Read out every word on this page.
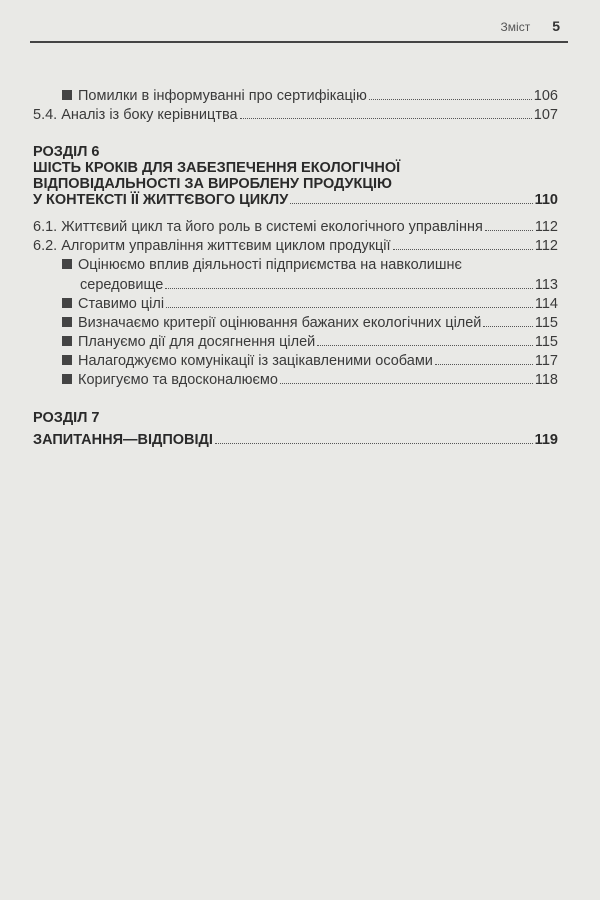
Зміст 5
Помилки в інформуванні про сертифікацію	106
5.4. Аналіз із боку керівництва	107
РОЗДІЛ 6
ШІСТЬ КРОКІВ ДЛЯ ЗАБЕЗПЕЧЕННЯ ЕКОЛОГІЧНОЇ
ВІДПОВІДАЛЬНОСТІ ЗА ВИРОБЛЕНУ ПРОДУКЦІЮ
У КОНТЕКСТІ ЇЇ ЖИТТЄВОГО ЦИКЛУ	110
6.1. Життєвий цикл та його роль в системі екологічного управління	112
6.2. Алгоритм управління життєвим циклом продукції	112
Оцінюємо вплив діяльності підприємства на навколишнє
середовище	113
Ставимо цілі	114
Визначаємо критерії оцінювання бажаних екологічних цілей	115
Плануємо дії для досягнення цілей	115
Налагоджуємо комунікації із зацікавленими особами	117
Коригуємо та вдосконалюємо	118
РОЗДІЛ 7
ЗАПИТАННЯ—ВІДПОВІДІ	119
